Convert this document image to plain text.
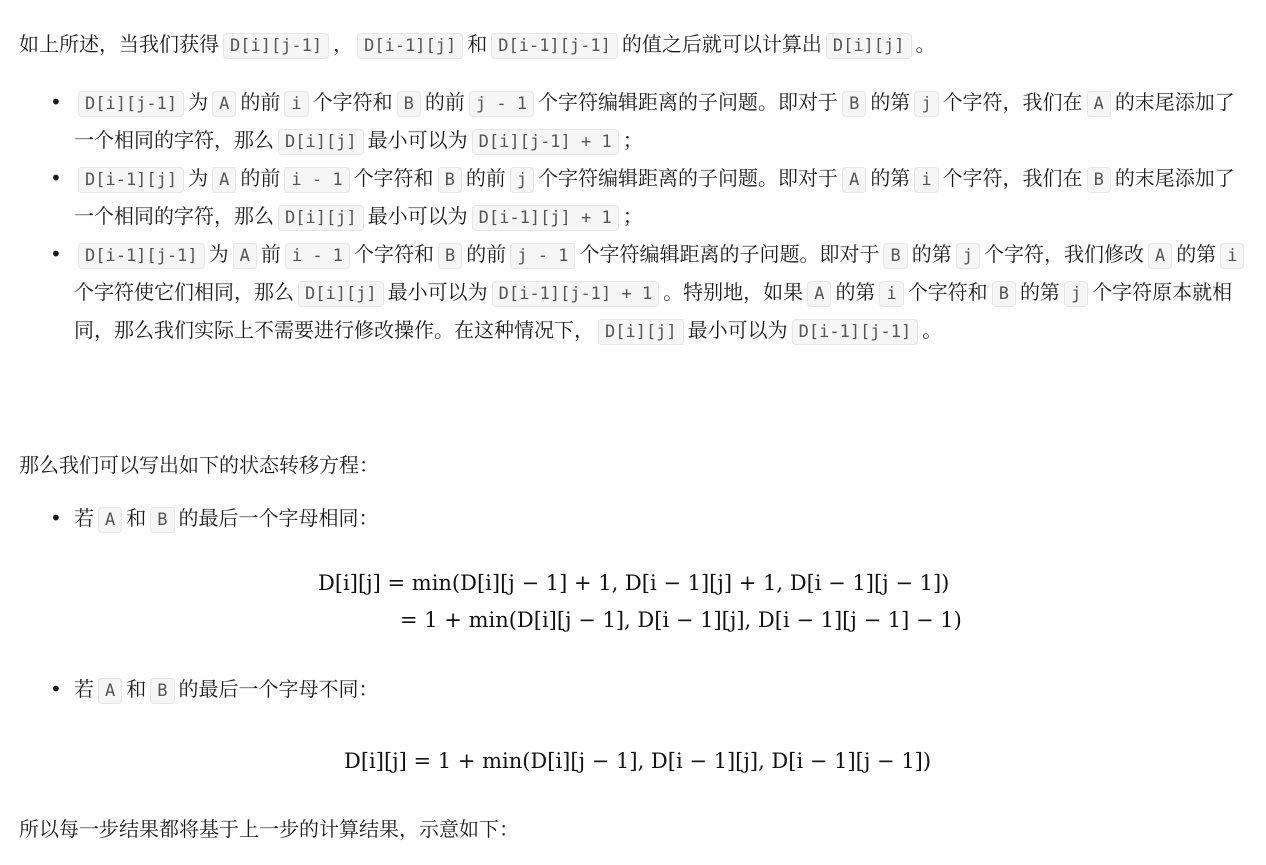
如上所述，当我们获得 D[i][j-1] ， D[i-1][j] 和 D[i-1][j-1] 的值之后就可以计算出 D[i][j] 。

• D[i][j-1] 为 A 的前 i 个字符和 B 的前 j - 1 个字符编辑距离的子问题。即对于 B 的第 j 个字符，我们在 A 的末尾添加了一个相同的字符，那么 D[i][j] 最小可以为 D[i][j-1] + 1 ；
• D[i-1][j] 为 A 的前 i - 1 个字符和 B 的前 j 个字符编辑距离的子问题。即对于 A 的第 i 个字符，我们在 B 的末尾添加了一个相同的字符，那么 D[i][j] 最小可以为 D[i-1][j] + 1 ；
• D[i-1][j-1] 为 A 前 i - 1 个字符和 B 的前 j - 1 个字符编辑距离的子问题。即对于 B 的第 j 个字符，我们修改 A 的第 i个字符使它们相同，那么 D[i][j] 最小可以为 D[i-1][j-1] + 1 。特别地，如果 A 的第 i 个字符和 B 的第 j 个字符原本就相同，那么我们实际上不需要进行修改操作。在这种情况下， D[i][j] 最小可以为 D[i-1][j-1] 。

那么我们可以写出如下的状态转移方程：

• 若 A 和 B 的最后一个字母相同：
D[i][j] = min(D[i][j − 1] + 1, D[i − 1][j] + 1, D[i − 1][j − 1])
= 1 + min(D[i][j − 1], D[i − 1][j], D[i − 1][j − 1] − 1)
• 若 A 和 B 的最后一个字母不同：
D[i][j] = 1 + min(D[i][j − 1], D[i − 1][j], D[i − 1][j − 1])

所以每一步结果都将基于上一步的计算结果，示意如下：
